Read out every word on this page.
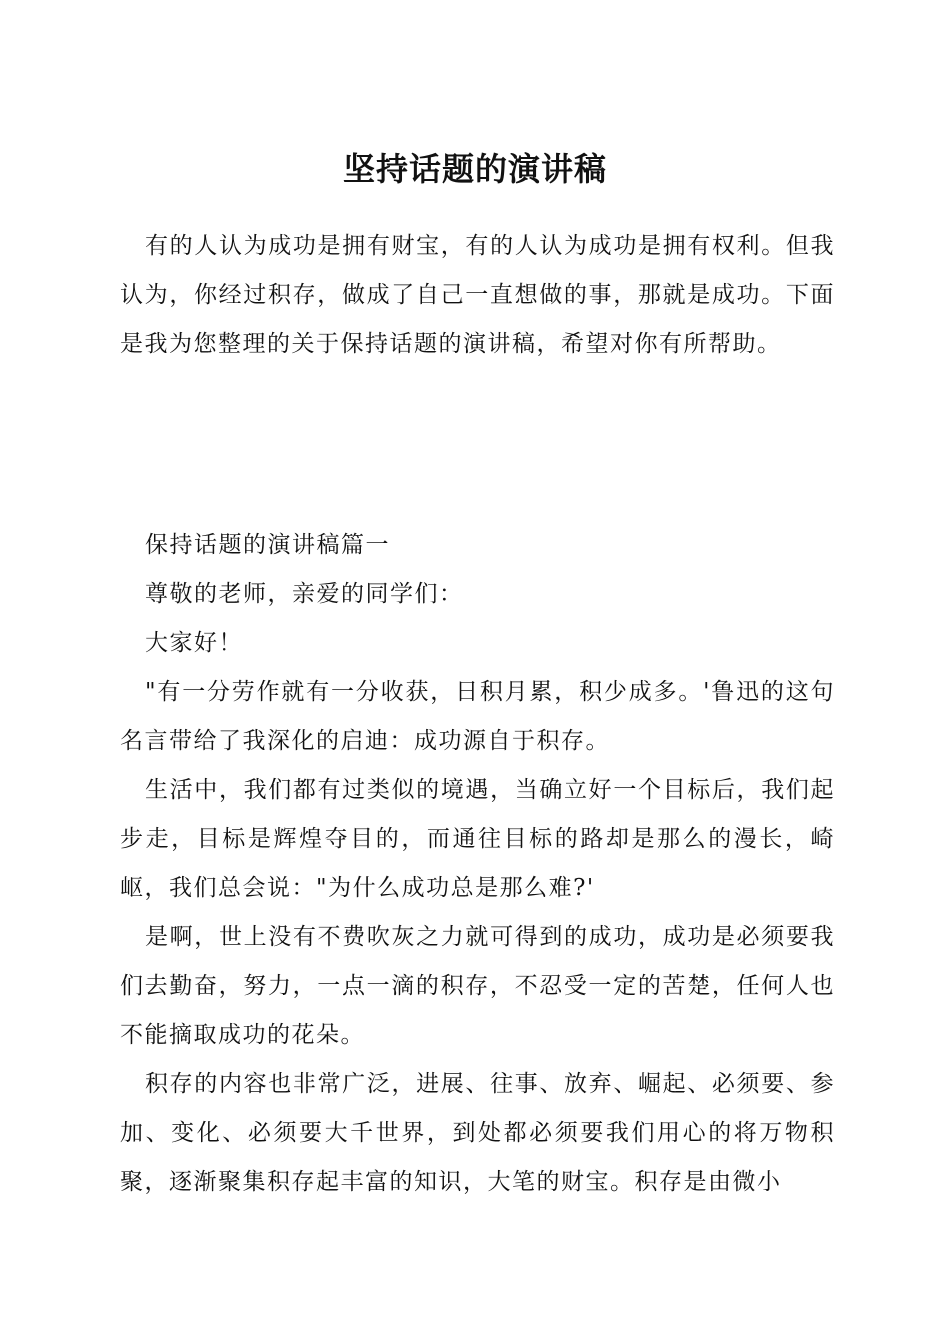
坚持话题的演讲稿

有的人认为成功是拥有财宝，有的人认为成功是拥有权利。但我认为，你经过积存，做成了自己一直想做的事，那就是成功。下面是我为您整理的关于保持话题的演讲稿，希望对你有所帮助。

保持话题的演讲稿篇一

尊敬的老师，亲爱的同学们：

大家好！

"有一分劳作就有一分收获，日积月累，积少成多。'鲁迅的这句名言带给了我深化的启迪：成功源自于积存。

生活中，我们都有过类似的境遇，当确立好一个目标后，我们起步走，目标是辉煌夺目的，而通往目标的路却是那么的漫长，崎岖，我们总会说："为什么成功总是那么难?'

是啊，世上没有不费吹灰之力就可得到的成功，成功是必须要我们去勤奋，努力，一点一滴的积存，不忍受一定的苦楚，任何人也不能摘取成功的花朵。

积存的内容也非常广泛，进展、往事、放弃、崛起、必须要、参加、变化、必须要大千世界，到处都必须要我们用心的将万物积聚，逐渐聚集积存起丰富的知识，大笔的财宝。积存是由微小
